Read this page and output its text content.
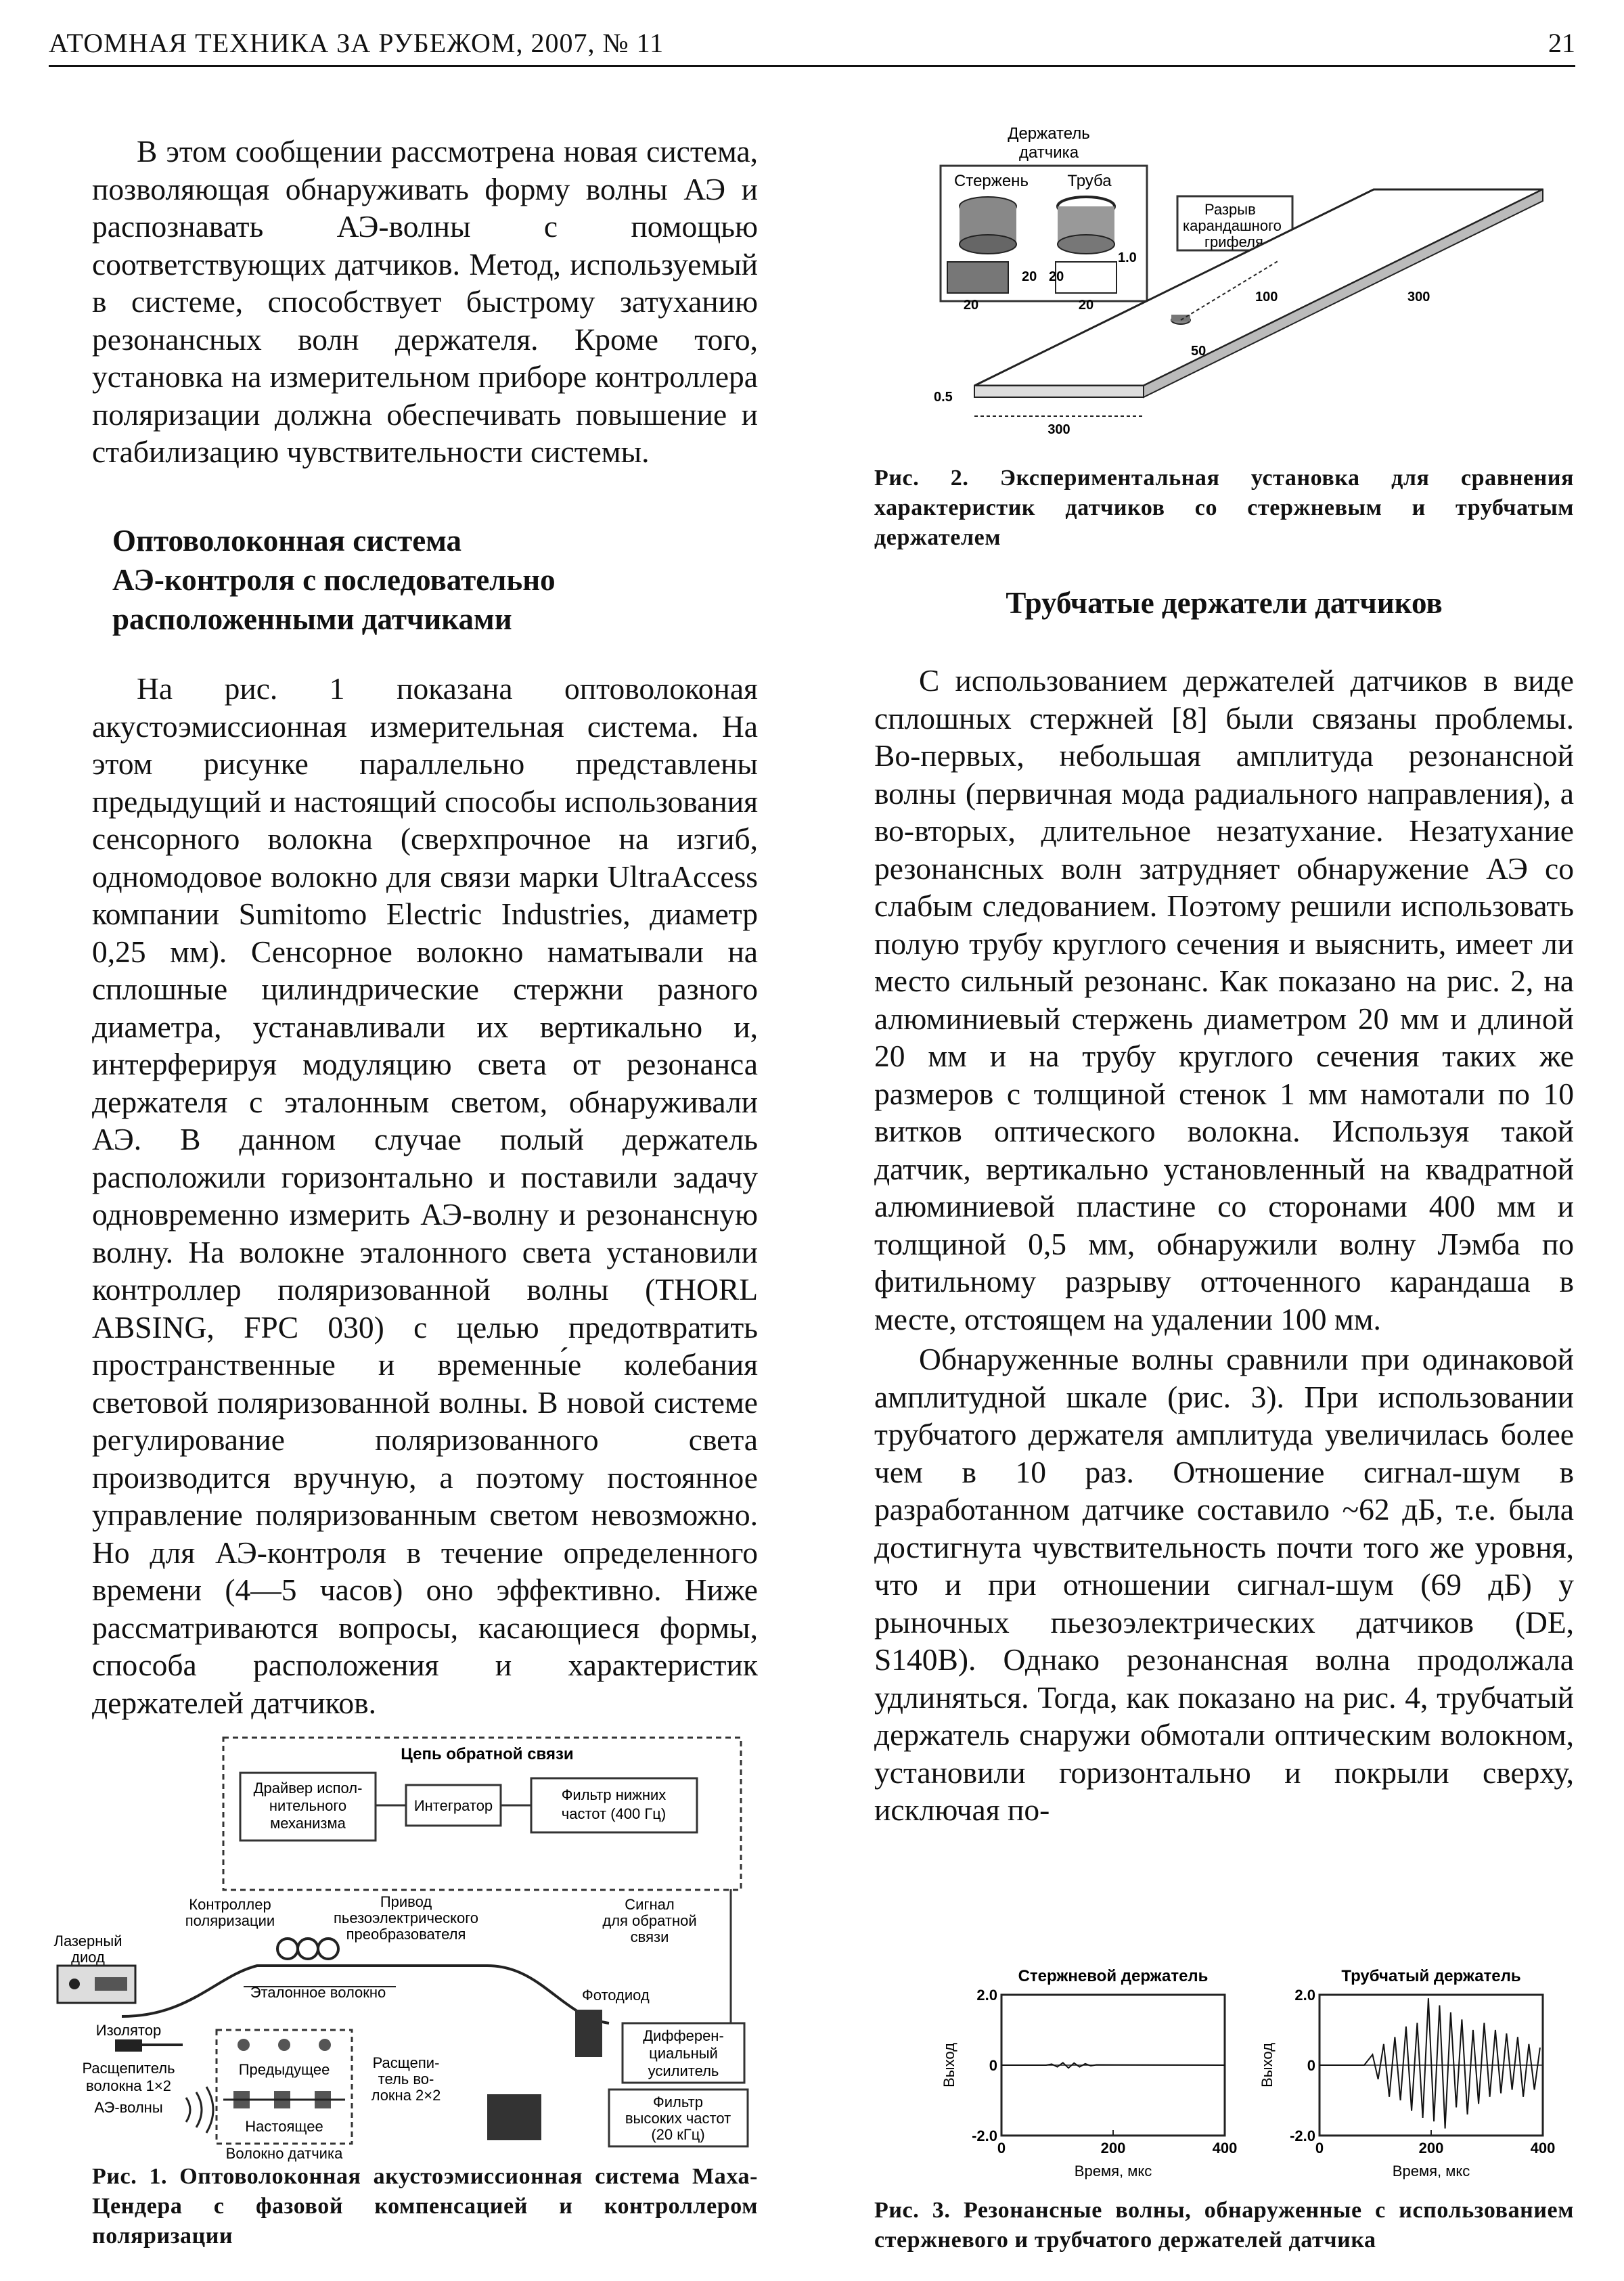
АТОМНАЯ ТЕХНИКА ЗА РУБЕЖОМ, 2007, № 11	21

В этом сообщении рассмотрена новая система, позволяющая обнаруживать форму волны АЭ и распознавать АЭ-волны с помощью соответствующих датчиков. Метод, используемый в системе, способствует быстрому затуханию резонансных волн держателя. Кроме того, установка на измерительном приборе контроллера поляризации должна обеспечивать повышение и стабилизацию чувствительности системы.

Оптоволоконная система
АЭ-контроля с последовательно
расположенными датчиками

На рис. 1 показана оптоволоконая акустоэмиссионная измерительная система. На этом рисунке параллельно представлены предыдущий и настоящий способы использования сенсорного волокна (сверхпрочное на изгиб, одномодовое волокно для связи марки UltraAccess компании Sumitomo Electric Industries, диаметр 0,25 мм). Сенсорное волокно наматывали на сплошные цилиндрические стержни разного диаметра, устанавливали их вертикально и, интерферируя модуляцию света от резонанса держателя с эталонным светом, обнаруживали АЭ. В данном случае полый держатель расположили горизонтально и поставили задачу одновременно измерить АЭ-волну и резонансную волну. На волокне эталонного света установили контроллер поляризованной волны (THORL ABSING, FPC 030) с целью предотвратить пространственные и временны́е колебания световой поляризованной волны. В новой системе регулирование поляризованного света производится вручную, а поэтому постоянное управление поляризованным светом невозможно. Но для АЭ-контроля в течение определенного времени (4—5 часов) оно эффективно. Ниже рассматриваются вопросы, касающиеся формы, способа расположения и характеристик держателей датчиков.

Цепь обратной связи
Драйвер испол-
нительного
механизма
Интегратор
Фильтр нижних
частот (400 Гц)
Контроллер
поляризации
Привод
пьезоэлектрического
преобразователя
Сигнал
для обратной
связи
Лазерный
диод
Эталонное волокно	Фотодиод
Изолятор
Расщепитель
волокна 1×2
Предыдущее
Настоящее
Расщепи-
тель во-
локна 2×2
Дифферен-
циальный
усилитель
Фильтр
высоких частот
(20 кГц)
АЭ-волны
Волокно датчика
Рис. 1. Оптоволоконная акустоэмиссионная система Маха-Цендера с фазовой компенсацией и контроллером поляризации
Держатель
датчика
Стержень Труба
20
20
1.0
20
20
Разрыв
карандашного
грифеля
100	300
50
0.5
300
Рис. 2. Экспериментальная установка для сравнения характеристик датчиков со стержневым и трубчатым держателем
Трубчатые держатели датчиков

С использованием держателей датчиков в виде сплошных стержней [8] были связаны проблемы. Во-первых, небольшая амплитуда резонансной волны (первичная мода радиального направления), а во-вторых, длительное незатухание. Незатухание резонансных волн затрудняет обнаружение АЭ со слабым следованием. Поэтому решили использовать полую трубу круглого сечения и выяснить, имеет ли место сильный резонанс. Как показано на рис. 2, на алюминиевый стержень диаметром 20 мм и длиной 20 мм и на трубу круглого сечения таких же размеров с толщиной стенок 1 мм намотали по 10 витков оптического волокна. Используя такой датчик, вертикально установленный на квадратной алюминиевой пластине со сторонами 400 мм и толщиной 0,5 мм, обнаружили волну Лэмба по фитильному разрыву отточенного карандаша в месте, отстоящем на удалении 100 мм.

Обнаруженные волны сравнили при одинаковой амплитудной шкале (рис. 3). При использовании трубчатого держателя амплитуда увеличилась более чем в 10 раз. Отношение сигнал-шум в разработанном датчике составило ~62 дБ, т.е. была достигнута чувствительность почти того же уровня, что и при отношении сигнал-шум (69 дБ) у рыночных пьезоэлектрических датчиков (DE, S140B). Однако резонансная волна продолжала удлиняться. Тогда, как показано на рис. 4, трубчатый держатель снаружи обмотали оптическим волокном, установили горизонтально и покрыли сверху, исключая по-

Стержневой держатель
2.0
0
-2.0
0	200	400
Время, мкс
Выход
Трубчатый держатель
2.0
0
-2.0
0	200	400
Время, мкс
Выход
Рис. 3. Резонансные волны, обнаруженные с использованием стержневого и трубчатого держателей датчика
